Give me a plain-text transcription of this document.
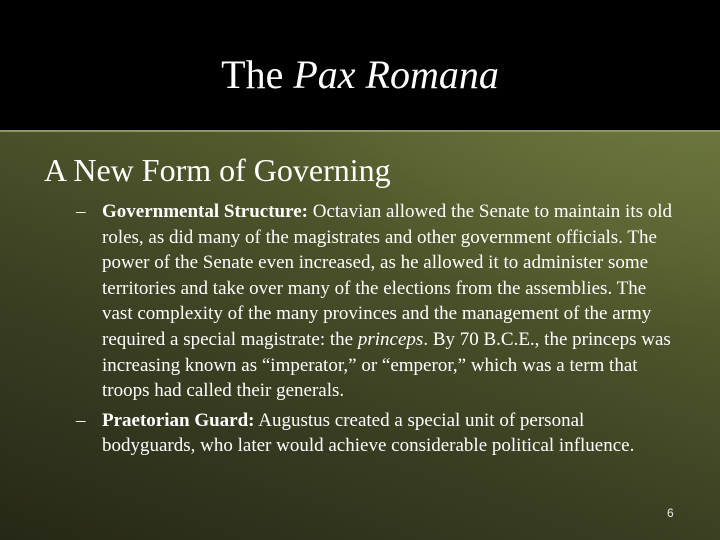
The Pax Romana
A New Form of Governing
– Governmental Structure: Octavian allowed the Senate to maintain its old roles, as did many of the magistrates and other government officials. The power of the Senate even increased, as he allowed it to administer some territories and take over many of the elections from the assemblies. The vast complexity of the many provinces and the management of the army required a special magistrate: the princeps. By 70 B.C.E., the princeps was increasing known as “imperator,” or “emperor,” which was a term that troops had called their generals.
– Praetorian Guard: Augustus created a special unit of personal bodyguards, who later would achieve considerable political influence.
6
